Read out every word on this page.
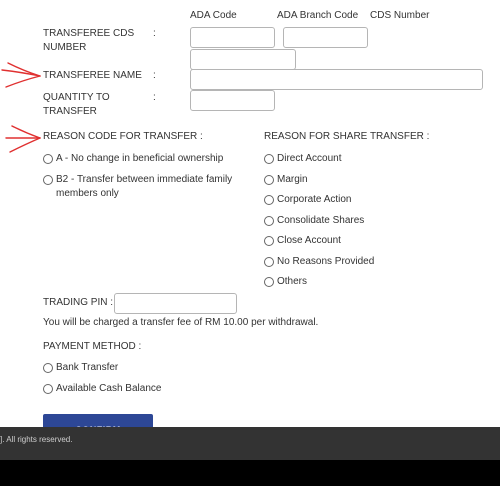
ADA Code	ADA Branch Code CDS Number
TRANSFEREE CDS NUMBER
:
TRANSFEREE NAME :
QUANTITY TO TRANSFER
:
REASON CODE FOR TRANSFER :
A - No change in beneficial ownership
B2 - Transfer between immediate family members only
REASON FOR SHARE TRANSFER :
Direct Account
Margin
Corporate Action
Consolidate Shares
Close Account
No Reasons Provided
Others
TRADING PIN :
You will be charged a transfer fee of RM 10.00 per withdrawal.
PAYMENT METHOD :
Bank Transfer
Available Cash Balance
]. All rights reserved.
